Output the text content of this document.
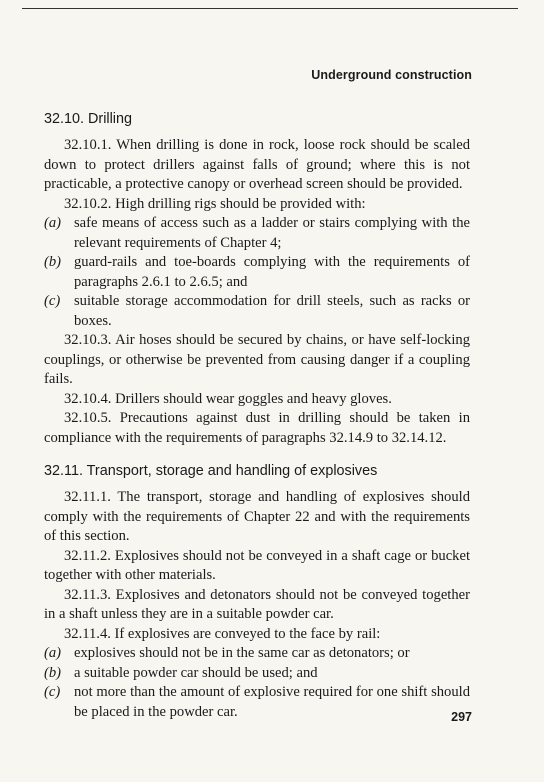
Underground construction
32.10. Drilling

32.10.1. When drilling is done in rock, loose rock should be scaled down to protect drillers against falls of ground; where this is not practicable, a protective canopy or overhead screen should be provided.

32.10.2. High drilling rigs should be provided with:

(a) safe means of access such as a ladder or stairs complying with the relevant requirements of Chapter 4;
(b) guard-rails and toe-boards complying with the requirements of paragraphs 2.6.1 to 2.6.5; and
(c) suitable storage accommodation for drill steels, such as racks or boxes.

32.10.3. Air hoses should be secured by chains, or have self-locking couplings, or otherwise be prevented from causing danger if a coupling fails.

32.10.4. Drillers should wear goggles and heavy gloves.

32.10.5. Precautions against dust in drilling should be taken in compliance with the requirements of paragraphs 32.14.9 to 32.14.12.

32.11. Transport, storage and handling of explosives

32.11.1. The transport, storage and handling of explosives should comply with the requirements of Chapter 22 and with the requirements of this section.

32.11.2. Explosives should not be conveyed in a shaft cage or bucket together with other materials.

32.11.3. Explosives and detonators should not be conveyed together in a shaft unless they are in a suitable powder car.

32.11.4. If explosives are conveyed to the face by rail:

(a) explosives should not be in the same car as detonators; or
(b) a suitable powder car should be used; and
(c) not more than the amount of explosive required for one shift should be placed in the powder car.	297
